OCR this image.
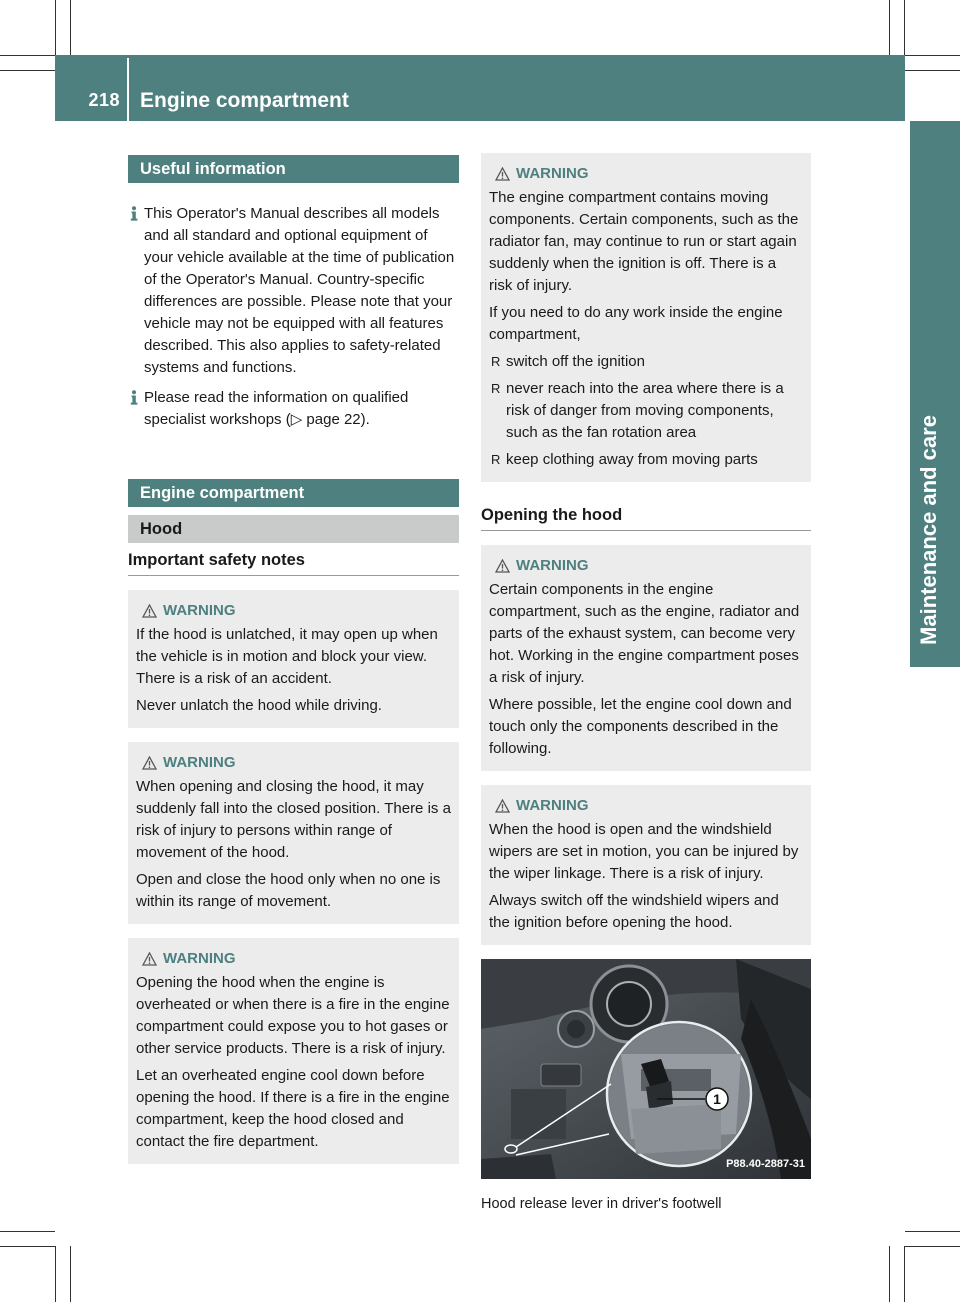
218 Engine compartment
Maintenance and care
Useful information
This Operator's Manual describes all models and all standard and optional equipment of your vehicle available at the time of publication of the Operator's Manual. Country-specific differences are possible. Please note that your vehicle may not be equipped with all features described. This also applies to safety-related systems and functions.
Please read the information on qualified specialist workshops (▷ page 22).
Engine compartment
Hood
Important safety notes
WARNING

If the hood is unlatched, it may open up when the vehicle is in motion and block your view. There is a risk of an accident.

Never unlatch the hood while driving.

WARNING

When opening and closing the hood, it may suddenly fall into the closed position. There is a risk of injury to persons within range of movement of the hood.

Open and close the hood only when no one is within its range of movement.

WARNING

Opening the hood when the engine is overheated or when there is a fire in the engine compartment could expose you to hot gases or other service products. There is a risk of injury.

Let an overheated engine cool down before opening the hood. If there is a fire in the engine compartment, keep the hood closed and contact the fire department.

WARNING

The engine compartment contains moving components. Certain components, such as the radiator fan, may continue to run or start again suddenly when the ignition is off. There is a risk of injury.

If you need to do any work inside the engine compartment,

R switch off the ignition
R never reach into the area where there is a risk of danger from moving components, such as the fan rotation area
R keep clothing away from moving parts
Opening the hood
WARNING

Certain components in the engine compartment, such as the engine, radiator and parts of the exhaust system, can become very hot. Working in the engine compartment poses a risk of injury.

Where possible, let the engine cool down and touch only the components described in the following.

WARNING

When the hood is open and the windshield wipers are set in motion, you can be injured by the wiper linkage. There is a risk of injury.

Always switch off the windshield wipers and the ignition before opening the hood.

1
P88.40-2887-31
Hood release lever in driver's footwell
